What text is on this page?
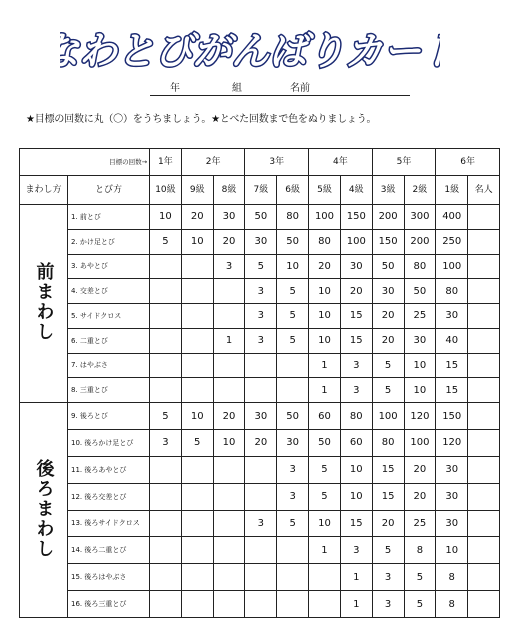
なわとびがんばりカード
年	組	名前
★目標の回数に丸（〇）をうちましょう。★とべた回数まで色をぬりましょう。
目標の回数→		1年	2年		3年		4年		5年		6年	
まわし方	とび方	10級	9級	8級	7級	6級	5級	4級	3級	2級	1級	名人
前まわし	1. 前とび	10	20	30	50	80	100	150	200	300	400	
	2. かけ足とび	5	10	20	30	50	80	100	150	200	250	
	3. あやとび			3	5	10	20	30	50	80	100	
	4. 交差とび				3	5	10	20	30	50	80	
	5. サイドクロス				3	5	10	15	20	25	30	
	6. 二重とび			1	3	5	10	15	20	30	40	
	7. はやぶさ						1	3	5	10	15	
	8. 三重とび						1	3	5	10	15	
後ろまわし	9. 後ろとび	5	10	20	30	50	60	80	100	120	150	
	10. 後ろかけ足とび	3	5	10	20	30	50	60	80	100	120	
	11. 後ろあやとび					3	5	10	15	20	30	
	12. 後ろ交差とび					3	5	10	15	20	30	
	13. 後ろサイドクロス				3	5	10	15	20	25	30	
	14. 後ろ二重とび						1	3	5	8	10	
	15. 後ろはやぶさ							1	3	5	8	
	16. 後ろ三重とび							1	3	5	8	
